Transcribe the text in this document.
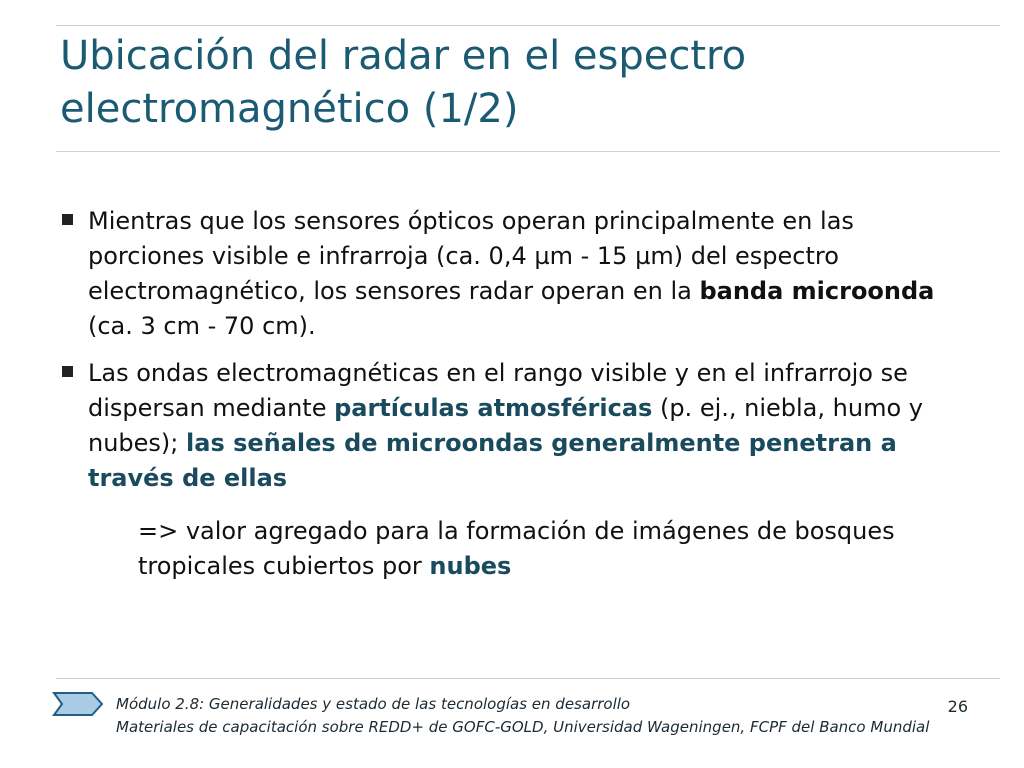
Ubicación del radar en el espectro electromagnético (1/2)
Mientras que los sensores ópticos operan principalmente en las porciones visible e infrarroja (ca. 0,4 µm - 15 µm) del espectro electromagnético, los sensores radar operan en la banda microonda (ca. 3 cm - 70 cm).
Las ondas electromagnéticas en el rango visible y en el infrarrojo se dispersan mediante partículas atmosféricas (p. ej., niebla, humo y nubes); las señales de microondas generalmente penetran a través de ellas
=> valor agregado para la formación de imágenes de bosques tropicales cubiertos por nubes
Módulo 2.8: Generalidades y estado de las tecnologías en desarrollo
Materiales de capacitación sobre REDD+ de GOFC-GOLD, Universidad Wageningen, FCPF del Banco Mundial
26
